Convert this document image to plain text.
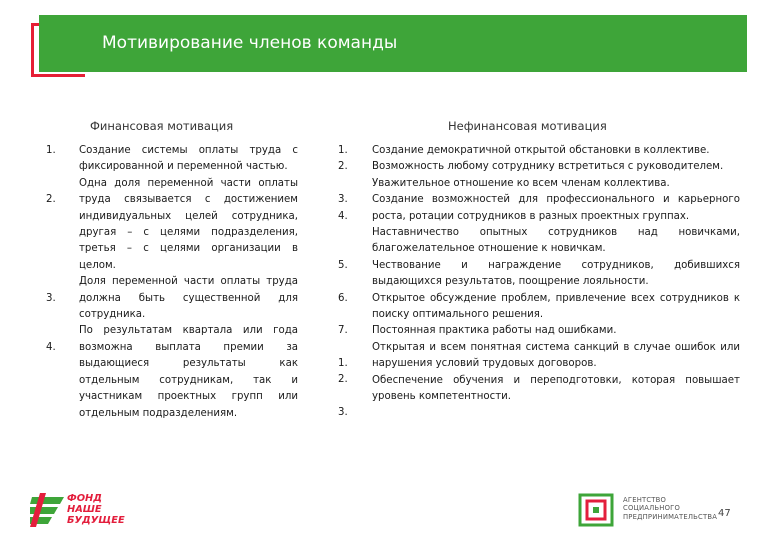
Мотивирование членов команды
Финансовая мотивация	Нефинансовая мотивация
1.
2.
3.
4.

Создание системы оплаты труда с фиксированной и переменной частью.

Одна доля переменной части оплаты труда связывается с достижением индивидуальных целей сотрудника, другая – с целями подразделения, третья – с целями организации в целом.

Доля переменной части оплаты труда должна быть существенной для сотрудника.

По результатам квартала или года возможна выплата премии за выдающиеся результаты как отдельным сотрудникам, так и участникам проектных групп или отдельным подразделениям.

1.
2.
3.
4.
5.
6.
7.
1.
2.
3.

Создание демократичной открытой обстановки в коллективе.

Возможность любому сотруднику встретиться с руководителем.

Уважительное отношение ко всем членам коллектива.

Создание возможностей для профессионального и карьерного роста, ротации сотрудников в разных проектных группах.

Наставничество опытных сотрудников над новичками, благожелательное отношение к новичкам.

Чествование и награждение сотрудников, добившихся выдающихся результатов, поощрение лояльности.

Открытое обсуждение проблем, привлечение всех сотрудников к поиску оптимального решения.

Постоянная практика работы над ошибками.

Открытая и всем понятная система санкций в случае ошибок или нарушения условий трудовых договоров.

Обеспечение обучения и переподготовки, которая повышает уровень компетентности.

ФОНД
НАШЕ
БУДУЩЕЕ
АГЕНТСТВО
СОЦИАЛЬНОГО
ПРЕДПРИНИМАТЕЛЬСТВА 47
